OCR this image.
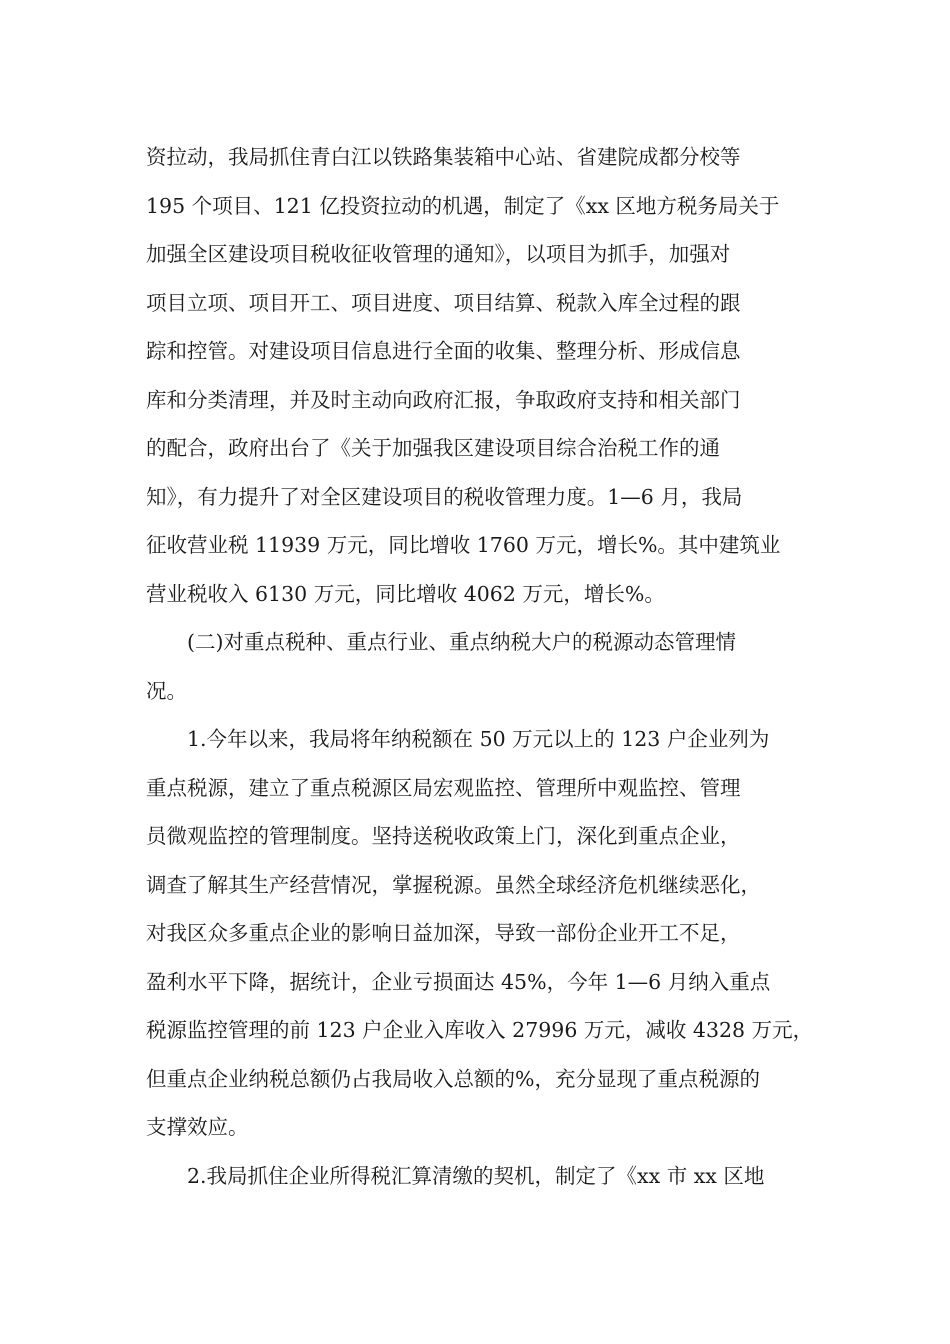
资拉动，我局抓住青白江以铁路集装箱中心站、省建院成都分校等
195 个项目、121 亿投资拉动的机遇，制定了《xx 区地方税务局关于
加强全区建设项目税收征收管理的通知》，以项目为抓手，加强对
项目立项、项目开工、项目进度、项目结算、税款入库全过程的跟
踪和控管。对建设项目信息进行全面的收集、整理分析、形成信息
库和分类清理，并及时主动向政府汇报，争取政府支持和相关部门
的配合，政府出台了《关于加强我区建设项目综合治税工作的通
知》，有力提升了对全区建设项目的税收管理力度。1—6 月，我局
征收营业税 11939 万元，同比增收 1760 万元，增长%。其中建筑业
营业税收入 6130 万元，同比增收 4062 万元，增长%。
(二)对重点税种、重点行业、重点纳税大户的税源动态管理情
况。
1.今年以来，我局将年纳税额在 50 万元以上的 123 户企业列为
重点税源，建立了重点税源区局宏观监控、管理所中观监控、管理
员微观监控的管理制度。坚持送税收政策上门，深化到重点企业，
调查了解其生产经营情况，掌握税源。虽然全球经济危机继续恶化，
对我区众多重点企业的影响日益加深，导致一部份企业开工不足，
盈利水平下降，据统计，企业亏损面达 45%，今年 1—6 月纳入重点
税源监控管理的前 123 户企业入库收入 27996 万元，减收 4328 万元，
但重点企业纳税总额仍占我局收入总额的%，充分显现了重点税源的
支撑效应。
2.我局抓住企业所得税汇算清缴的契机，制定了《xx 市 xx 区地
